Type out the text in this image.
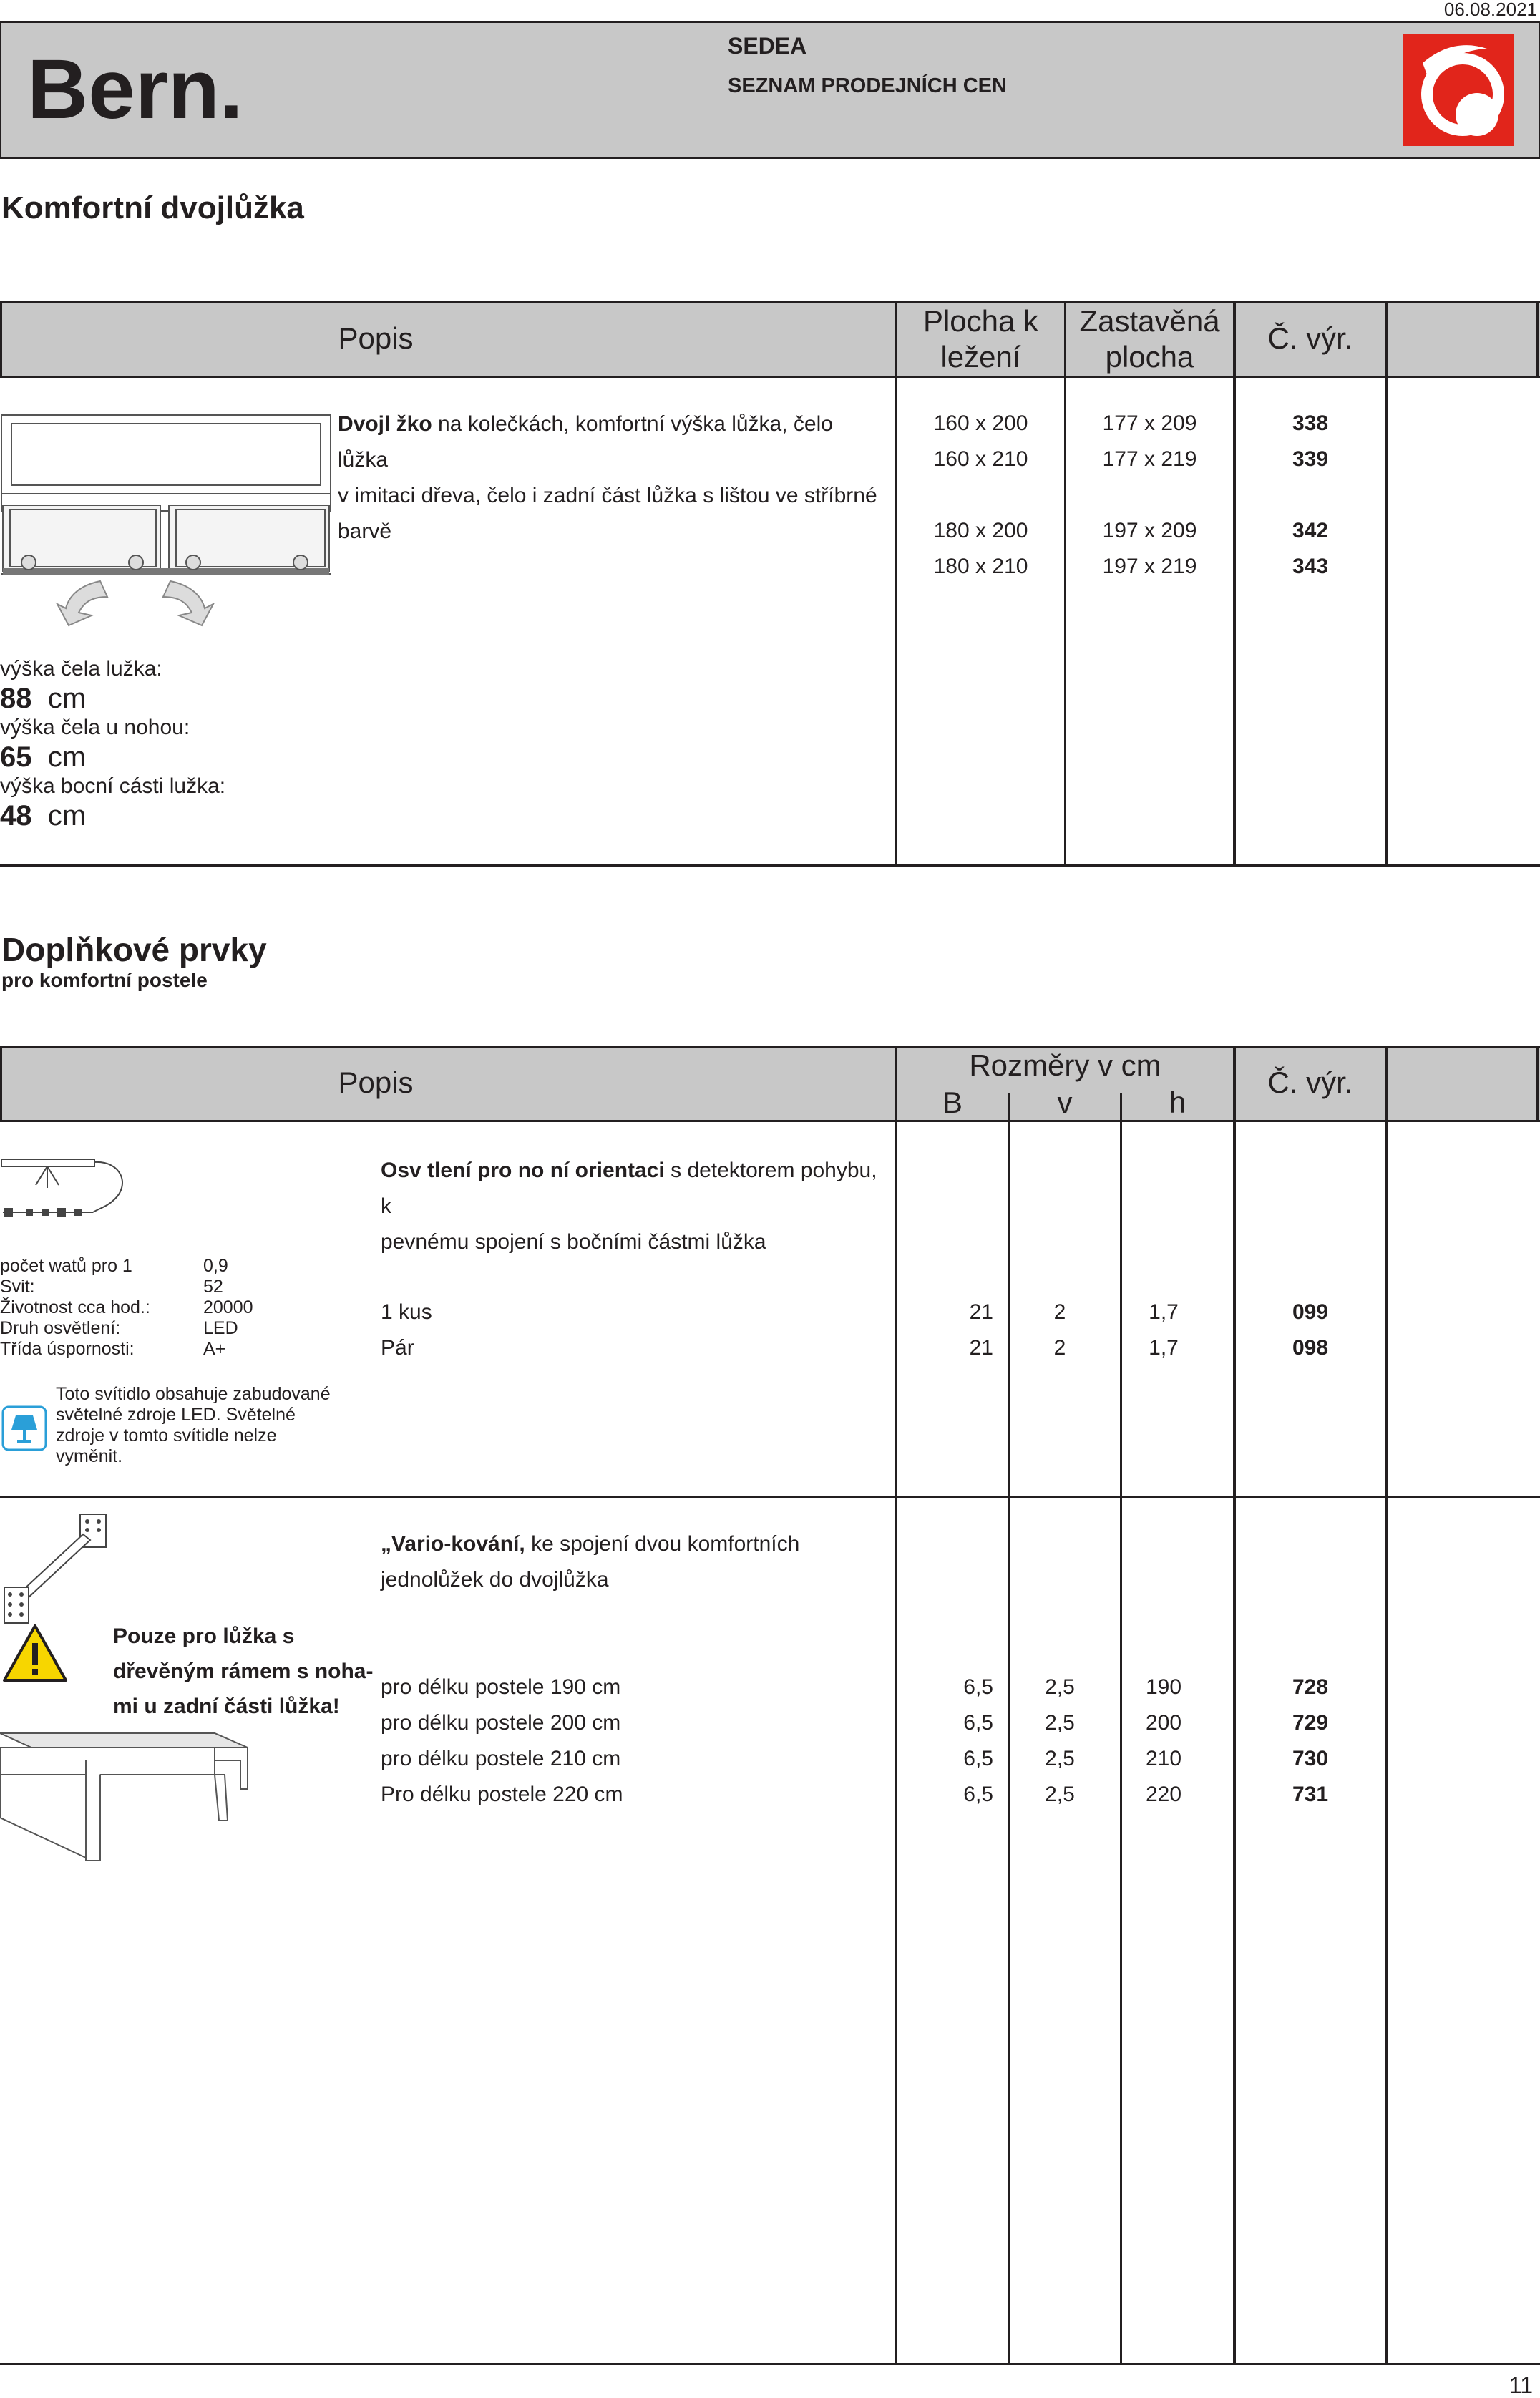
06.08.2021
Bern.	SEDEA
SEZNAM PRODEJNÍCH CEN
Komfortní dvojlůžka
Popis
Plocha k
ležení
Zastavěná
plocha
Č. výr.
Dvojl žko na kolečkách, komfortní výška lůžka, čelo lůžka
v imitaci dřeva, čelo i zadní část lůžka s lištou ve stříbrné
barvě
160 x 200	177 x 209	338
160 x 210	177 x 219	339
180 x 200	197 x 209	342
180 x 210	197 x 219	343
výška čela lužka:
88 cm
výška čela u nohou:
65 cm
výška bocní cásti lužka:
48 cm
Doplňkové prvky
pro komfortní postele
Popis
Rozměry v cm
B	v	h
Č. výr.
Osv tlení pro no ní orientaci s detektorem pohybu, k
pevnému spojení s bočními částmi lůžka
počet watů pro 1	0,9
Svit:	52
Životnost cca hod.:	20000
Druh osvětlení:	LED
Třída úspornosti:	A+
Toto svítidlo obsahuje zabudované
světelné zdroje LED. Světelné
zdroje v tomto svítidle nelze
vyměnit.
1 kus	21	2	1,7	099
Pár	21	2	1,7	098
Pouze pro lůžka s
dřevěným rámem s noha-
mi u zadní části lůžka!
„Vario-kování, ke spojení dvou komfortních
jednolůžek do dvojlůžka
pro délku postele 190 cm	6,5	2,5	190	728
pro délku postele 200 cm	6,5	2,5	200	729
pro délku postele 210 cm	6,5	2,5	210	730
Pro délku postele 220 cm	6,5	2,5	220	731
11
